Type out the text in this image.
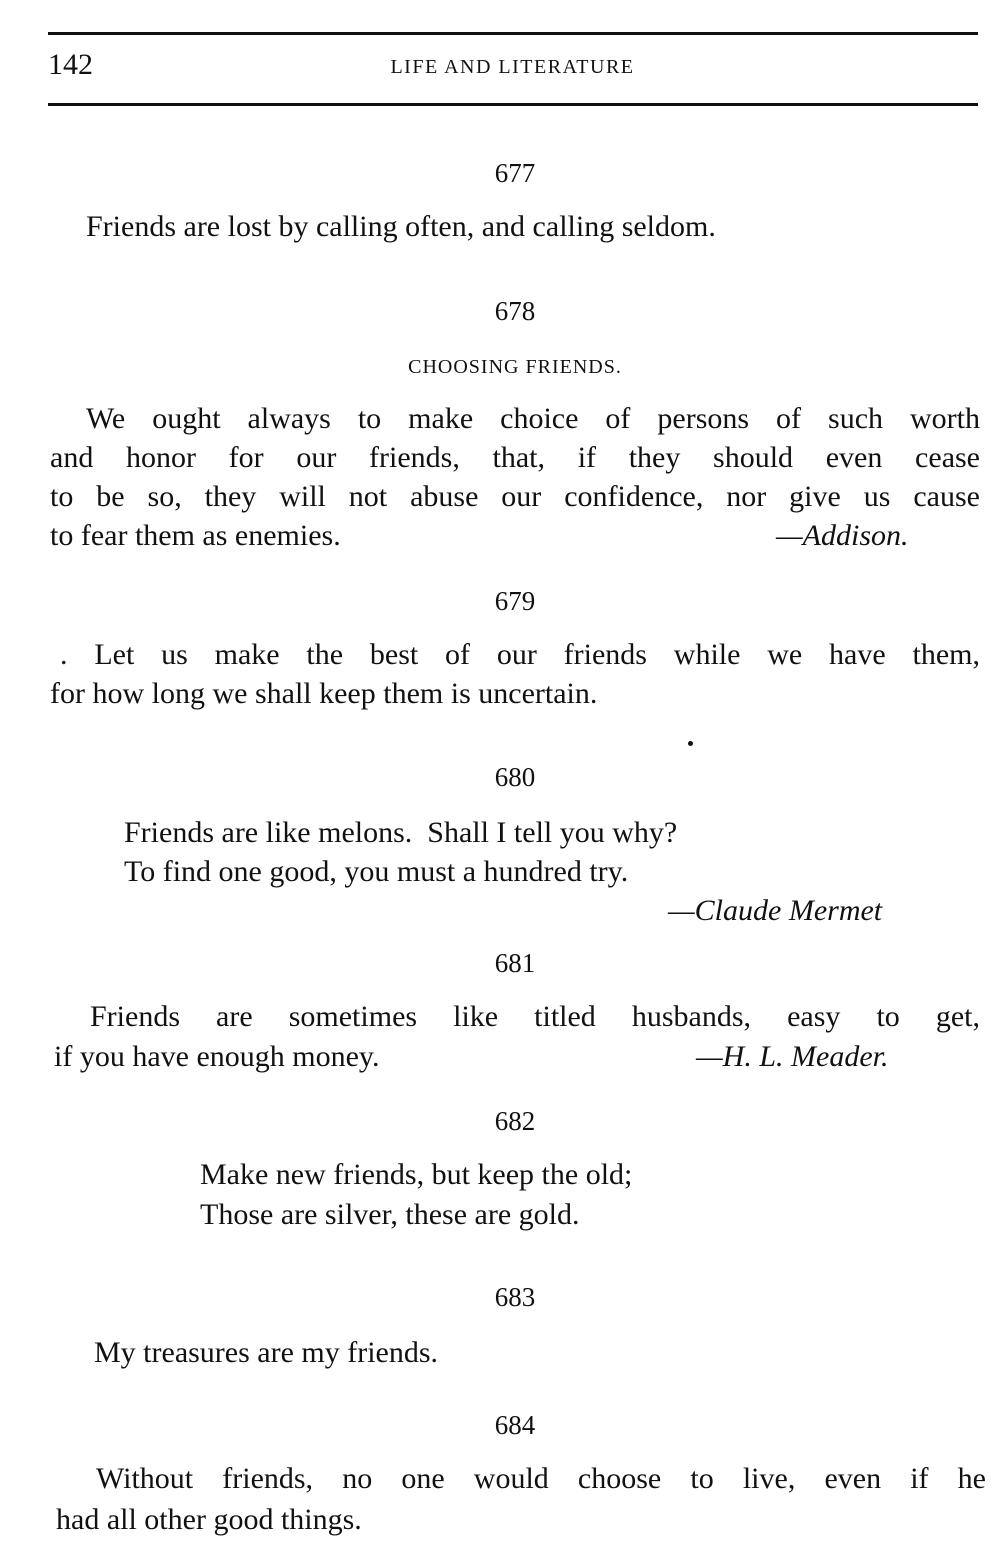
142	LIFE AND LITERATURE
677
Friends are lost by calling often, and calling seldom.
678
CHOOSING FRIENDS.
We ought always to make choice of persons of such worth
and honor for our friends, that, if they should even cease
to be so, they will not abuse our confidence, nor give us cause
to fear them as enemies.	—Addison.
679
. Let us make the best of our friends while we have them,
for how long we shall keep them is uncertain.
680
Friends are like melons.  Shall I tell you why?
To find one good, you must a hundred try.
—Claude Mermet
681
Friends are sometimes like titled husbands, easy to get,
if you have enough money.	—H. L. Meader.
682
Make new friends, but keep the old;
Those are silver, these are gold.
683
My treasures are my friends.
684
Without friends, no one would choose to live, even if he
had all other good things.
